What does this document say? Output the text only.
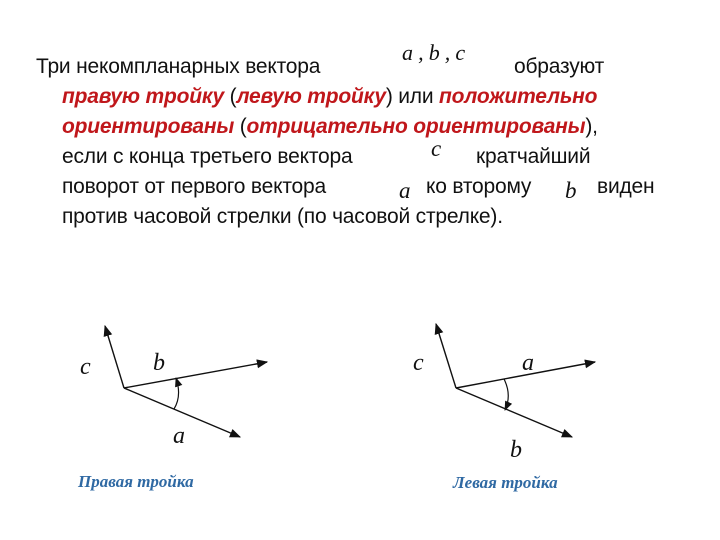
Три некомпланарных вектора
a , b , c
образуют
правую тройку (левую тройку) или положительно
ориентированы (отрицательно ориентированы),
если с конца третьего вектора	c кратчайший
поворот от первого вектора	a ко второму b виден
против часовой стрелки (по часовой стрелке).
c	b
a
Правая тройка
c	a
b
Левая тройка
